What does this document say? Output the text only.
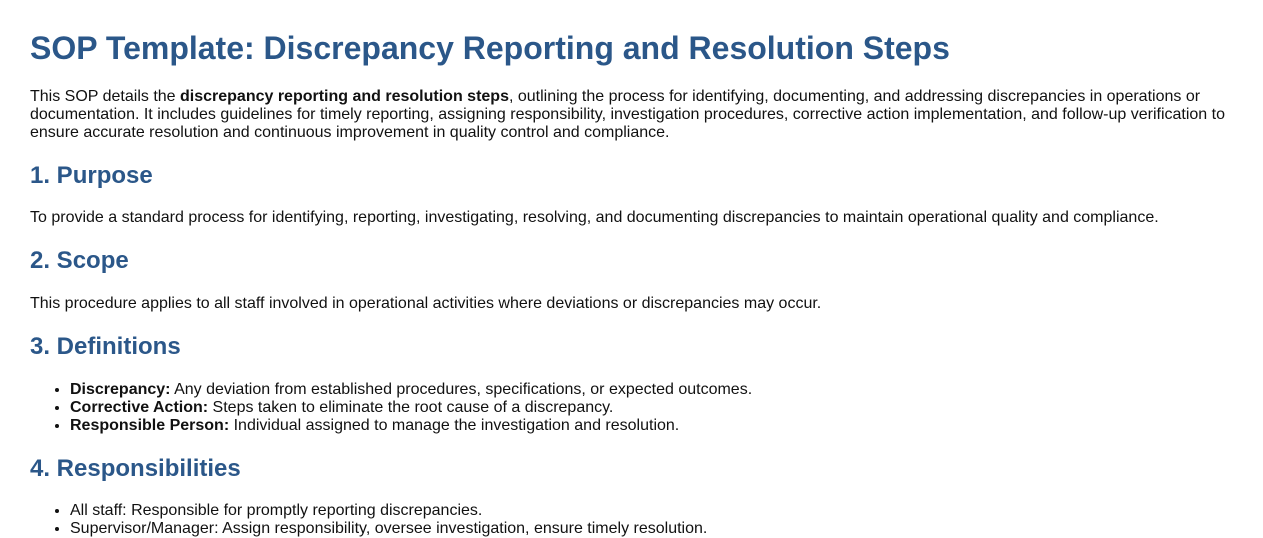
SOP Template: Discrepancy Reporting and Resolution Steps

This SOP details the discrepancy reporting and resolution steps, outlining the process for identifying, documenting, and addressing discrepancies in operations or documentation. It includes guidelines for timely reporting, assigning responsibility, investigation procedures, corrective action implementation, and follow-up verification to ensure accurate resolution and continuous improvement in quality control and compliance.

1. Purpose

To provide a standard process for identifying, reporting, investigating, resolving, and documenting discrepancies to maintain operational quality and compliance.

2. Scope

This procedure applies to all staff involved in operational activities where deviations or discrepancies may occur.

3. Definitions
• Discrepancy: Any deviation from established procedures, specifications, or expected outcomes.
• Corrective Action: Steps taken to eliminate the root cause of a discrepancy.
• Responsible Person: Individual assigned to manage the investigation and resolution.
4. Responsibilities
• All staff: Responsible for promptly reporting discrepancies.
• Supervisor/Manager: Assign responsibility, oversee investigation, ensure timely resolution.
